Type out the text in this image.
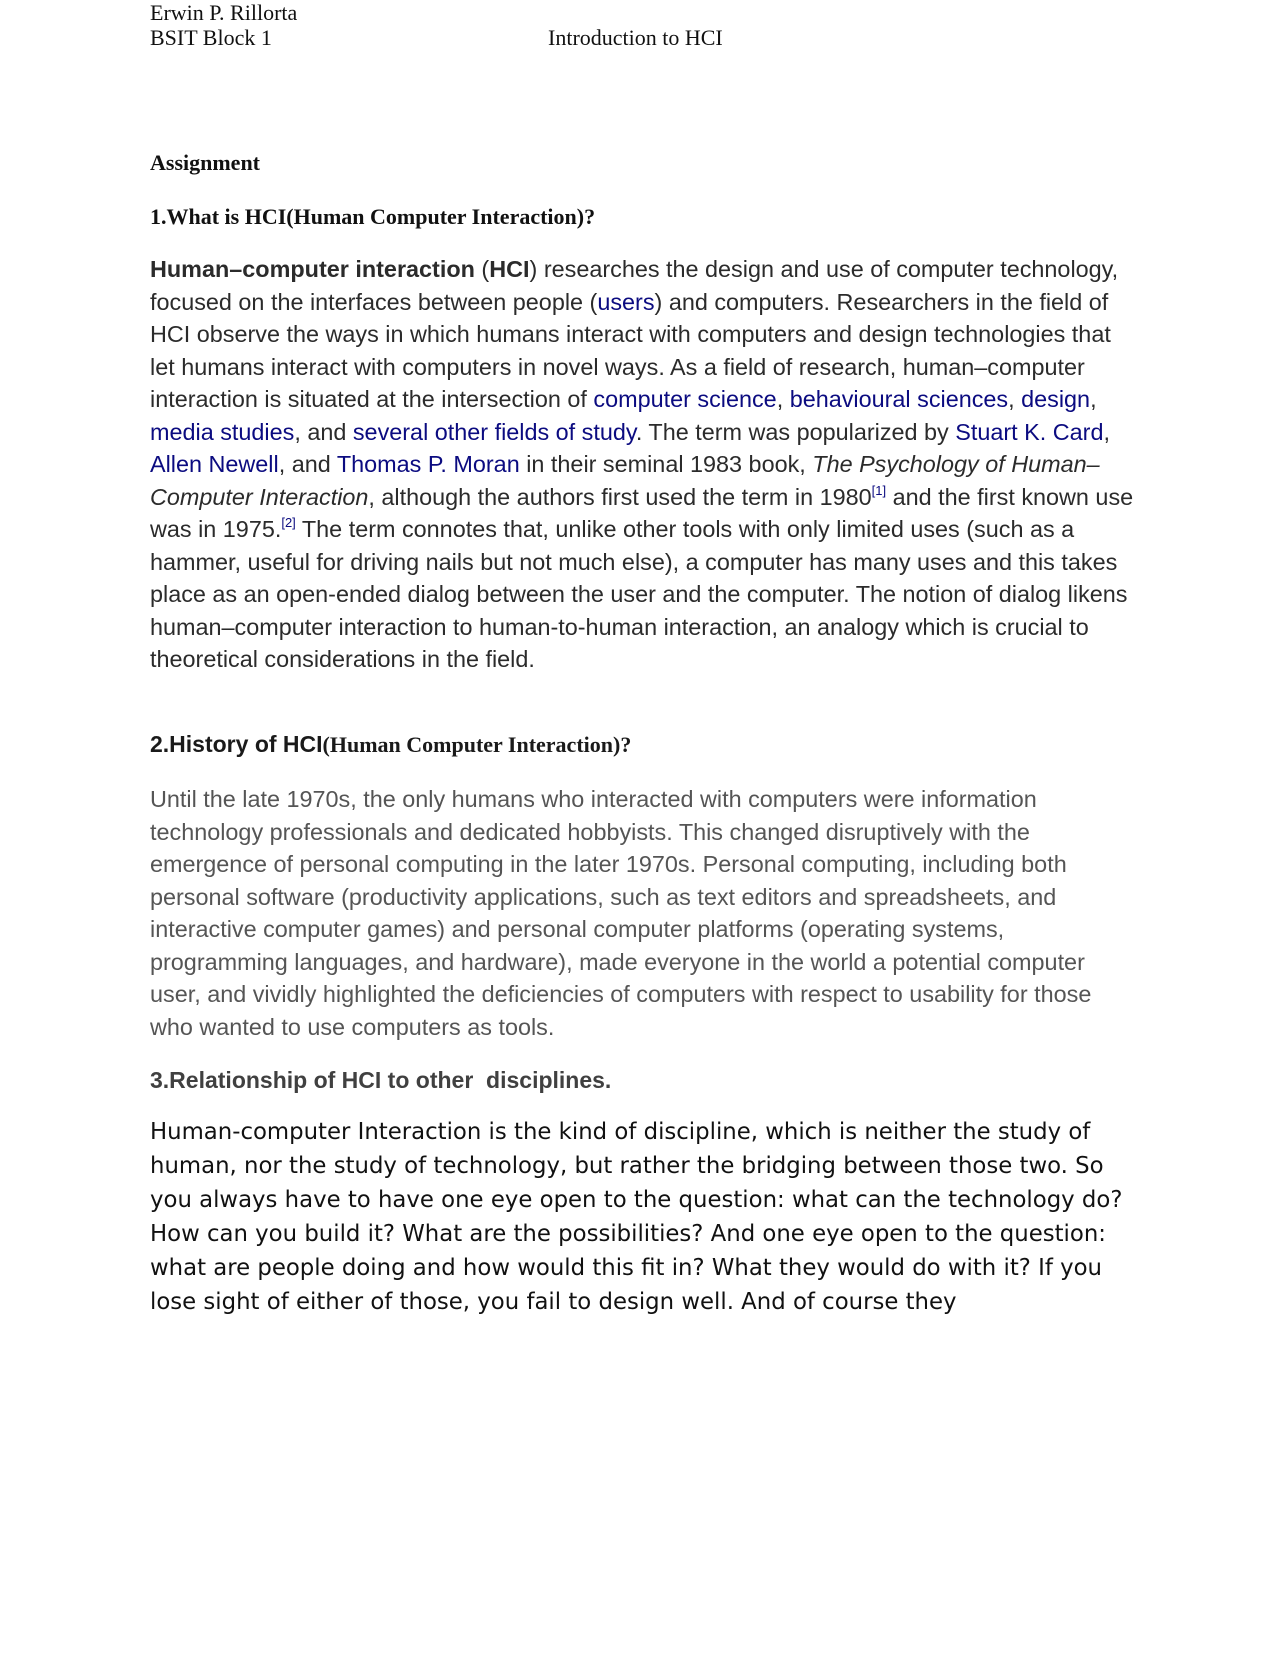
Erwin P. Rillorta
BSIT Block 1	Introduction to HCI
Assignment
1.What is HCI(Human Computer Interaction)?
Human–computer interaction (HCI) researches the design and use of computer technology, focused on the interfaces between people (users) and computers. Researchers in the field of HCI observe the ways in which humans interact with computers and design technologies that let humans interact with computers in novel ways. As a field of research, human–computer interaction is situated at the intersection of computer science, behavioural sciences, design, media studies, and several other fields of study. The term was popularized by Stuart K. Card, Allen Newell, and Thomas P. Moran in their seminal 1983 book, The Psychology of Human–Computer Interaction, although the authors first used the term in 1980[1] and the first known use was in 1975.[2] The term connotes that, unlike other tools with only limited uses (such as a hammer, useful for driving nails but not much else), a computer has many uses and this takes place as an open-ended dialog between the user and the computer. The notion of dialog likens human–computer interaction to human-to-human interaction, an analogy which is crucial to theoretical considerations in the field.
2.History of HCI(Human Computer Interaction)?
Until the late 1970s, the only humans who interacted with computers were information technology professionals and dedicated hobbyists. This changed disruptively with the emergence of personal computing in the later 1970s. Personal computing, including both personal software (productivity applications, such as text editors and spreadsheets, and interactive computer games) and personal computer platforms (operating systems, programming languages, and hardware), made everyone in the world a potential computer user, and vividly highlighted the deficiencies of computers with respect to usability for those who wanted to use computers as tools.
3.Relationship of HCI to other  disciplines.
Human-computer Interaction is the kind of discipline, which is neither the study of
human, nor the study of technology, but rather the bridging between those two. So
you always have to have one eye open to the question: what can the technology do?
How can you build it? What are the possibilities? And one eye open to the question:
what are people doing and how would this fit in? What they would do with it? If you
lose sight of either of those, you fail to design well. And of course they
